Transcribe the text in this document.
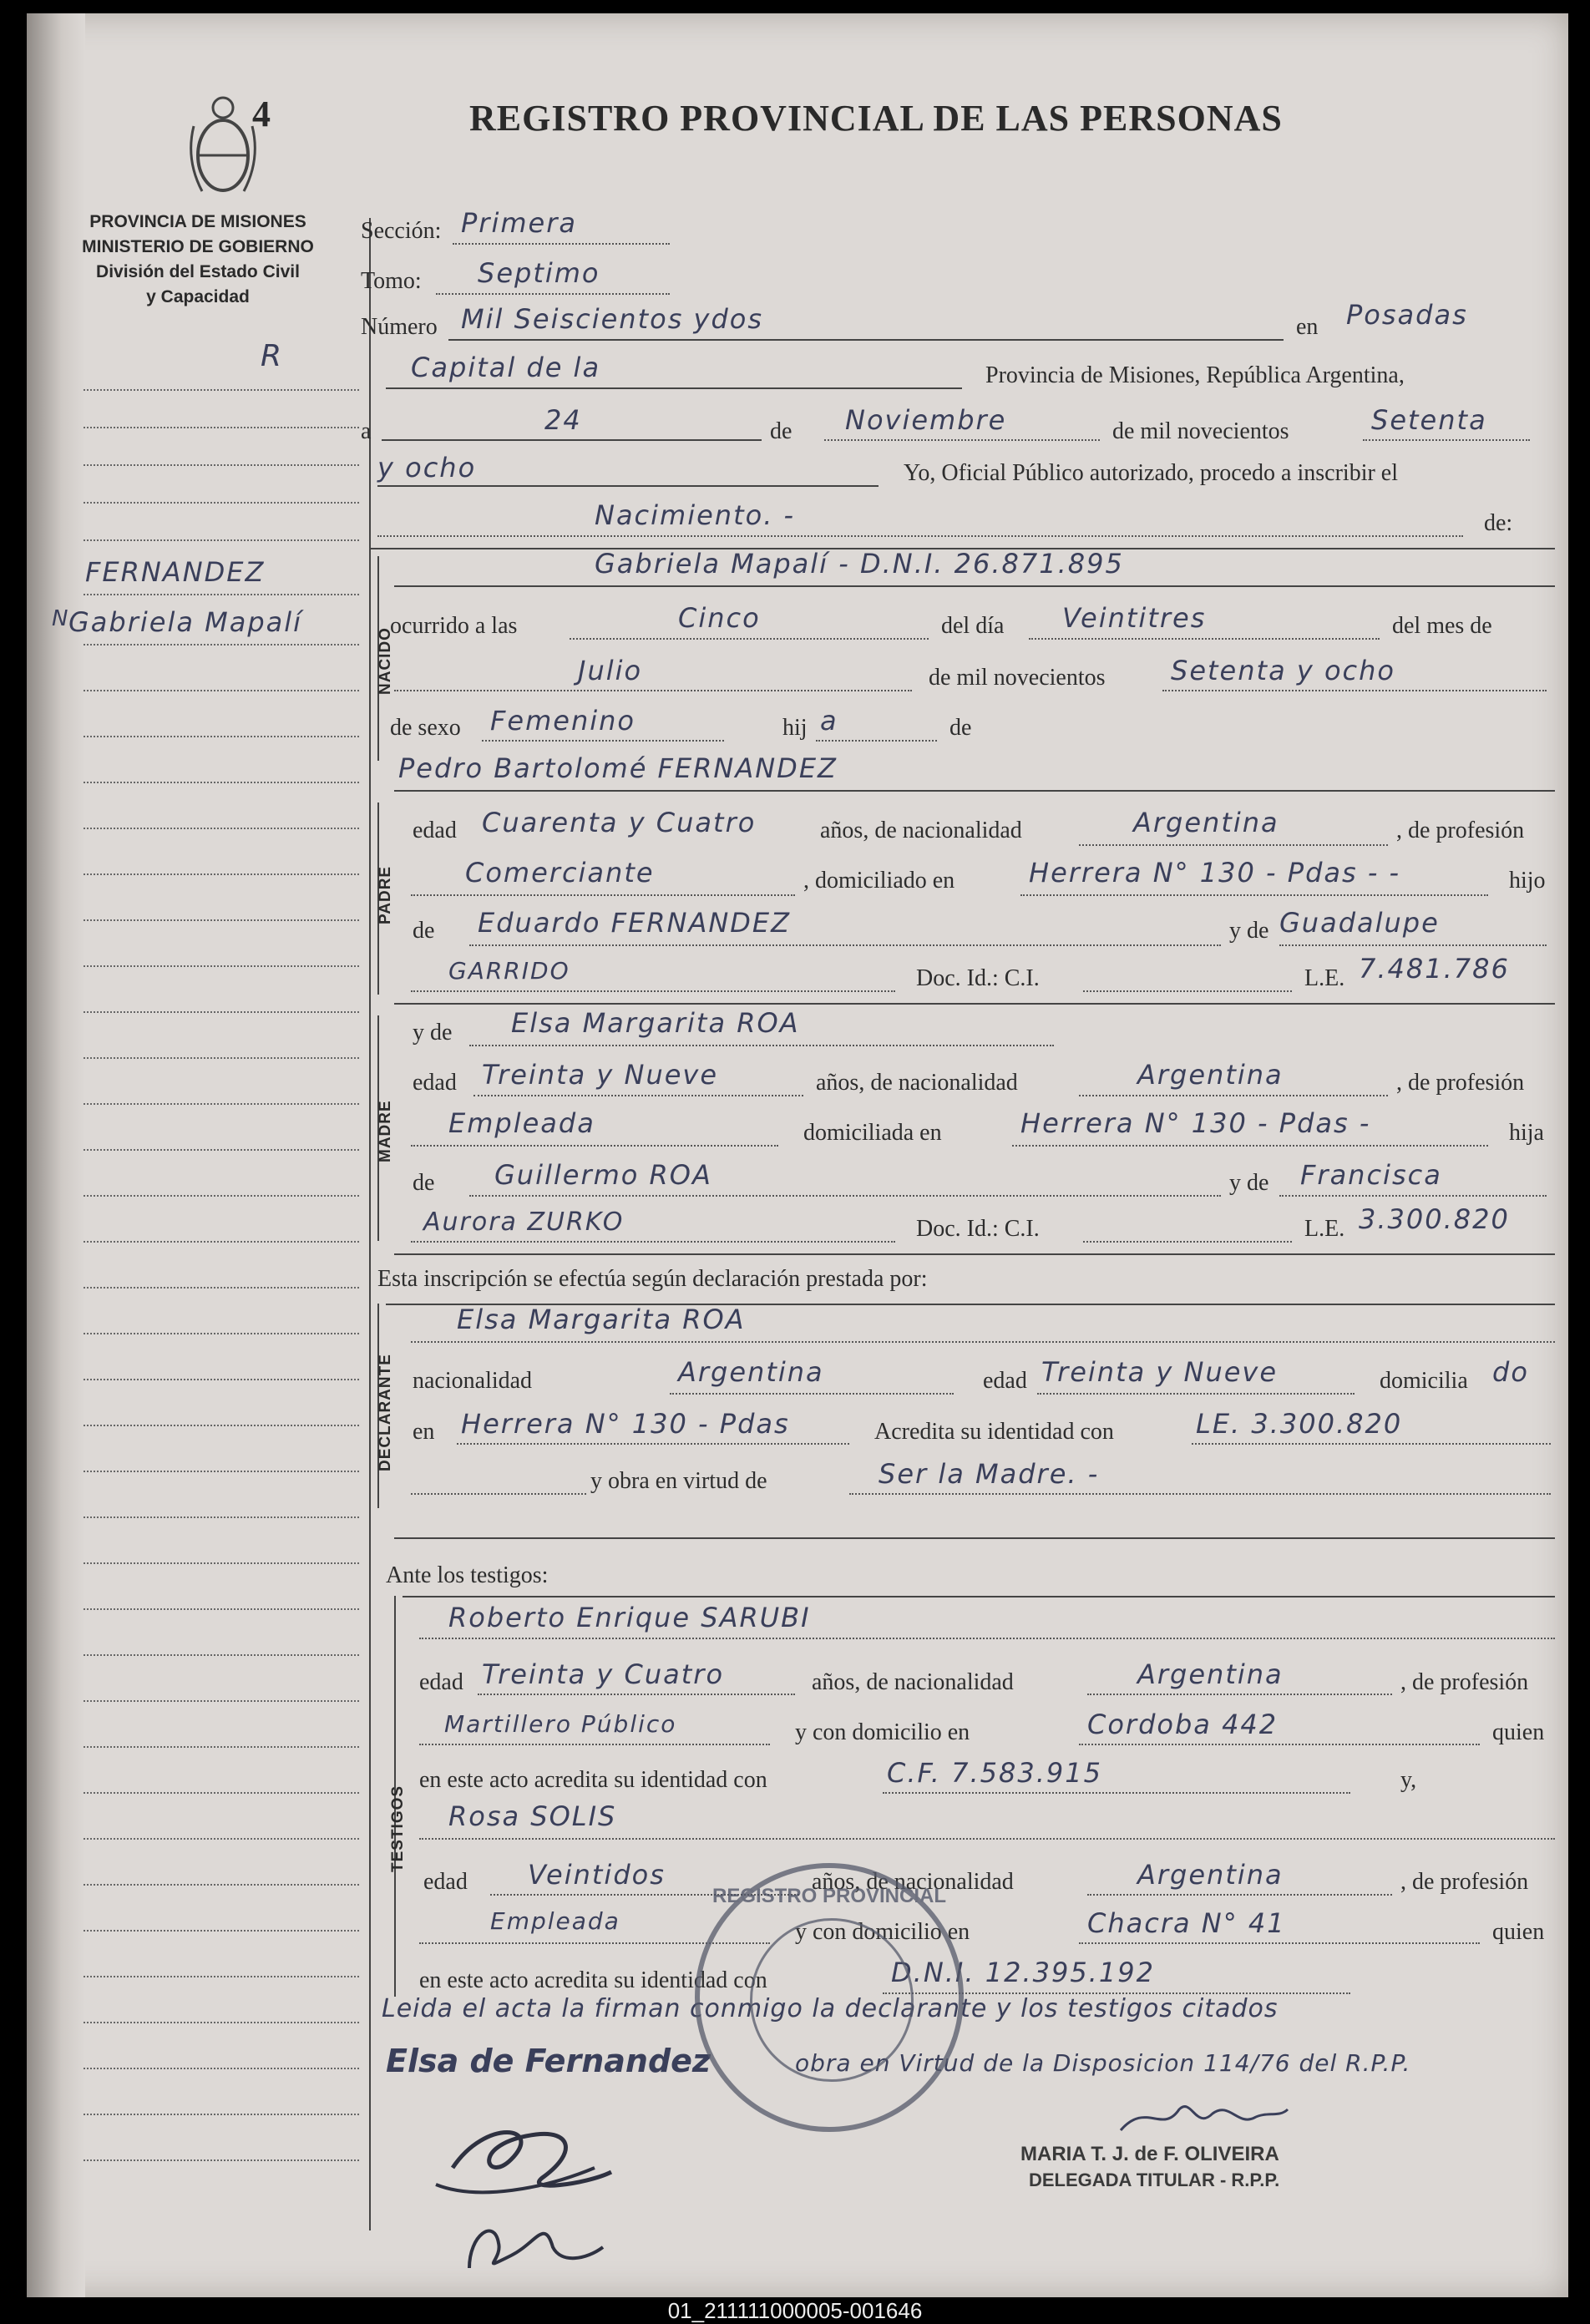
4	REGISTRO PROVINCIAL DE LAS PERSONAS
PROVINCIA DE MISIONES
MINISTERIO DE GOBIERNO
División del Estado Civil
y Capacidad
R
FERNANDEZ
N
Gabriela Mapalí
Sección: Primera
Tomo: Septimo
Número Mil Seiscientos ydos	en Posadas
Capital de la	Provincia de Misiones, República Argentina,
a	24	de Noviembre	de mil novecientos	Setenta
y ocho	Yo, Oficial Público autorizado, procedo a inscribir el
Nacimiento. -	de:
NACIDO
Gabriela Mapalí - D.N.I. 26.871.895
ocurrido a las	Cinco	del día Veintitres	del mes de
Julio	de mil novecientos Setenta y ocho
de sexo Femenino	hij a	de
Pedro Bartolomé FERNANDEZ
PADRE
edad Cuarenta y Cuatro	años, de nacionalidad	Argentina	, de profesión
Comerciante	, domiciliado en	Herrera N° 130 - Pdas - -	hijo
de Eduardo FERNANDEZ	y de Guadalupe
GARRIDO	Doc. Id.: C.I.	L.E. 7.481.786
MADRE
y de Elsa Margarita ROA
edad Treinta y Nueve	años, de nacionalidad	Argentina	, de profesión
Empleada	domiciliada en	Herrera N° 130 - Pdas -	hija
de Guillermo ROA	y de Francisca
Aurora ZURKO	Doc. Id.: C.I.	L.E. 3.300.820
Esta inscripción se efectúa según declaración prestada por:
DECLARANTE
Elsa Margarita ROA
nacionalidad	Argentina	edad Treinta y Nueve	domicilia do
en Herrera N° 130 - Pdas	Acredita su identidad con	LE. 3.300.820
y obra en virtud de	Ser la Madre. -
Ante los testigos:
TESTIGOS
Roberto Enrique SARUBI
edad Treinta y Cuatro	años, de nacionalidad	Argentina	, de profesión
Martillero Público	y con domicilio en	Cordoba 442	quien
en este acto acredita su identidad con	C.F. 7.583.915	y,
Rosa SOLIS
edad Veintidos	años, de nacionalidad	Argentina	, de profesión
Empleada	y con domicilio en	Chacra N° 41	quien
en este acto acredita su identidad con	D.N.I. 12.395.192
Leida el acta la firman conmigo la declarante y los testigos citados
Elsa de Fernandez	obra en Virtud de la Disposicion 114/76 del R.P.P.
REGISTRO PROVINCIAL
MARIA T. J. de F. OLIVEIRA
DELEGADA TITULAR - R.P.P.
01_211111000005-001646
